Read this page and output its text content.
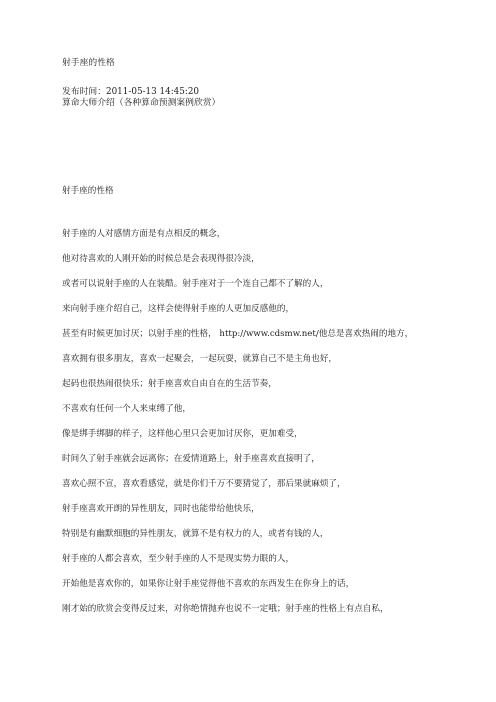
射手座的性格

发布时间：2011-05-13 14:45:20

算命大师介绍（各种算命预测案例欣赏）

射手座的性格

射手座的人对感情方面是有点相反的概念，

他对待喜欢的人刚开始的时候总是会表现得很冷淡，

或者可以说射手座的人在装酷。射手座对于一个连自己都不了解的人，

来向射手座介绍自己，这样会使得射手座的人更加反感他的，

甚至有时候更加讨厌；以射手座的性格， http://www.cdsmw.net/他总是喜欢热闹的地方，

喜欢拥有很多朋友，喜欢一起聚会，一起玩耍，就算自己不是主角也好，

起码也很热闹很快乐；射手座喜欢自由自在的生活节奏，

不喜欢有任何一个人来束缚了他，

像是绑手绑脚的样子，这样他心里只会更加讨厌你，更加难受，

时间久了射手座就会远离你；在爱情道路上，射手座喜欢直接明了，

喜欢心照不宣，喜欢看感觉，就是你们千万不要猜觉了，那后果就麻烦了，

射手座喜欢开朗的异性朋友，同时也能带给他快乐，

特别是有幽默细胞的异性朋友，就算不是有权力的人，或者有钱的人，

射手座的人都会喜欢，至少射手座的人不是现实势力眼的人，

开始他是喜欢你的，如果你让射手座觉得他不喜欢的东西发生在你身上的话，

刚才始的欣赏会变得反过来，对你绝情抛弃也说不一定哦；射手座的性格上有点自私，
